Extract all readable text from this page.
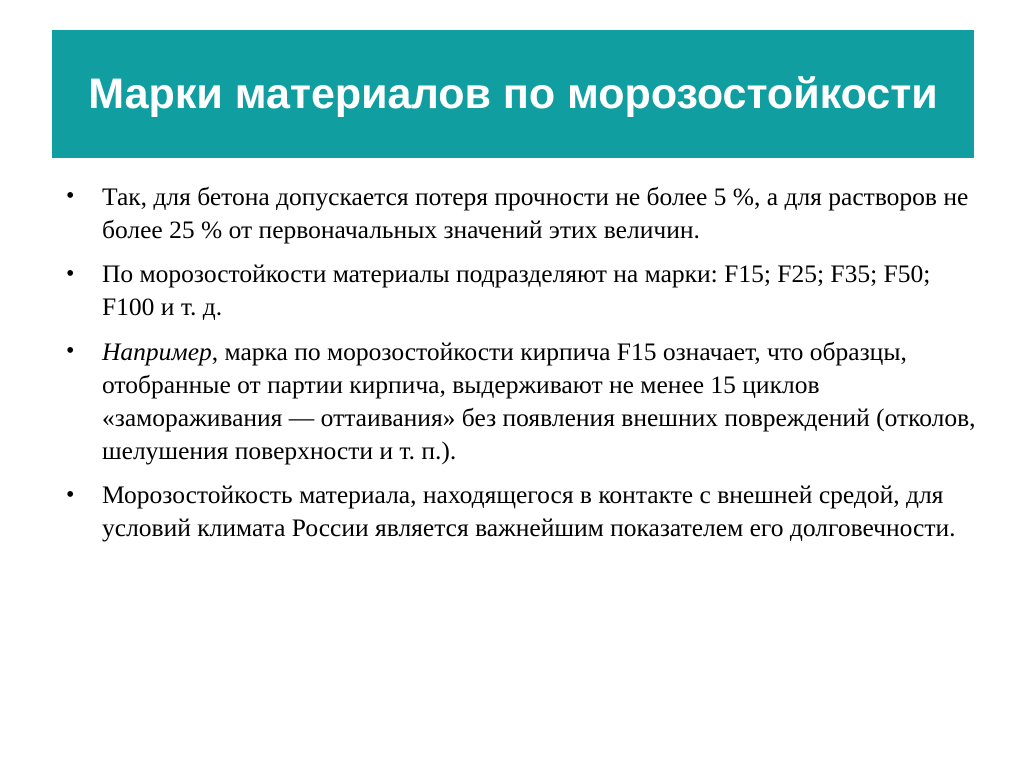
Марки материалов по морозостойкости
• Так, для бетона допускается потеря прочности не более 5 %, а для растворов не более 25 % от первоначальных значений этих величин.
• По морозостойкости материалы подразделяют на марки: F15; F25; F35; F50; F100 и т. д.
• Например, марка по морозостойкости кирпича F15 означает, что образцы, отобранные от партии кирпича, выдерживают не менее 15 циклов «замораживания — оттаивания» без появления внешних повреждений (отколов, шелушения поверхности и т. п.).
• Морозостойкость материала, находящегося в контакте с внешней средой, для условий климата России является важнейшим показателем его долговечности.
